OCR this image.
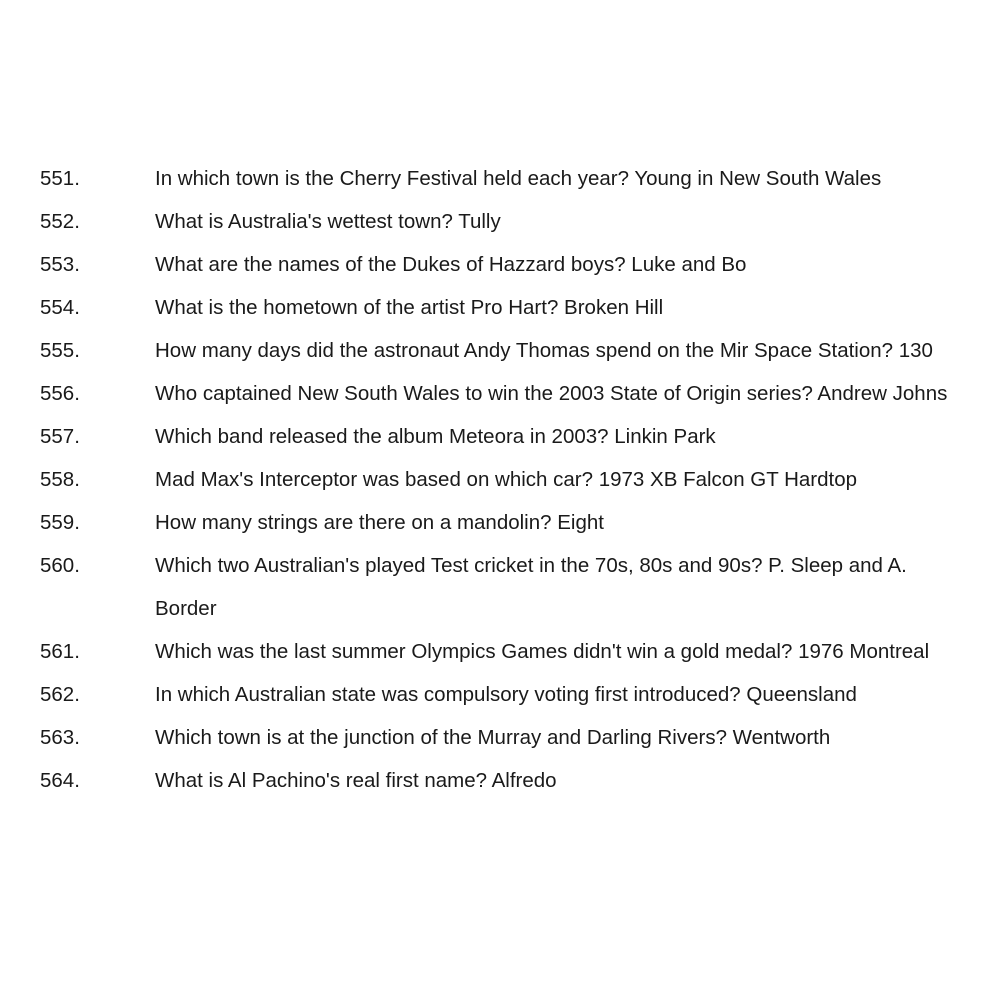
551.	In which town is the Cherry Festival held each year? Young in New South Wales
552.	What is Australia's wettest town? Tully
553.	What are the names of the Dukes of Hazzard boys? Luke and Bo
554.	What is the hometown of the artist Pro Hart? Broken Hill
555.	How many days did the astronaut Andy Thomas spend on the Mir Space Station? 130
556.	Who captained New South Wales to win the 2003 State of Origin series? Andrew Johns
557.	Which band released the album Meteora in 2003? Linkin Park
558.	Mad Max's Interceptor was based on which car? 1973 XB Falcon GT Hardtop
559.	How many strings are there on a mandolin? Eight
560.	Which two Australian's played Test cricket in the 70s, 80s and 90s? P. Sleep and A. Border
561.	Which was the last summer Olympics Games didn't win a gold medal? 1976 Montreal
562.	In which Australian state was compulsory voting first introduced? Queensland
563.	Which town is at the junction of the Murray and Darling Rivers? Wentworth
564.	What is Al Pachino's real first name? Alfredo
